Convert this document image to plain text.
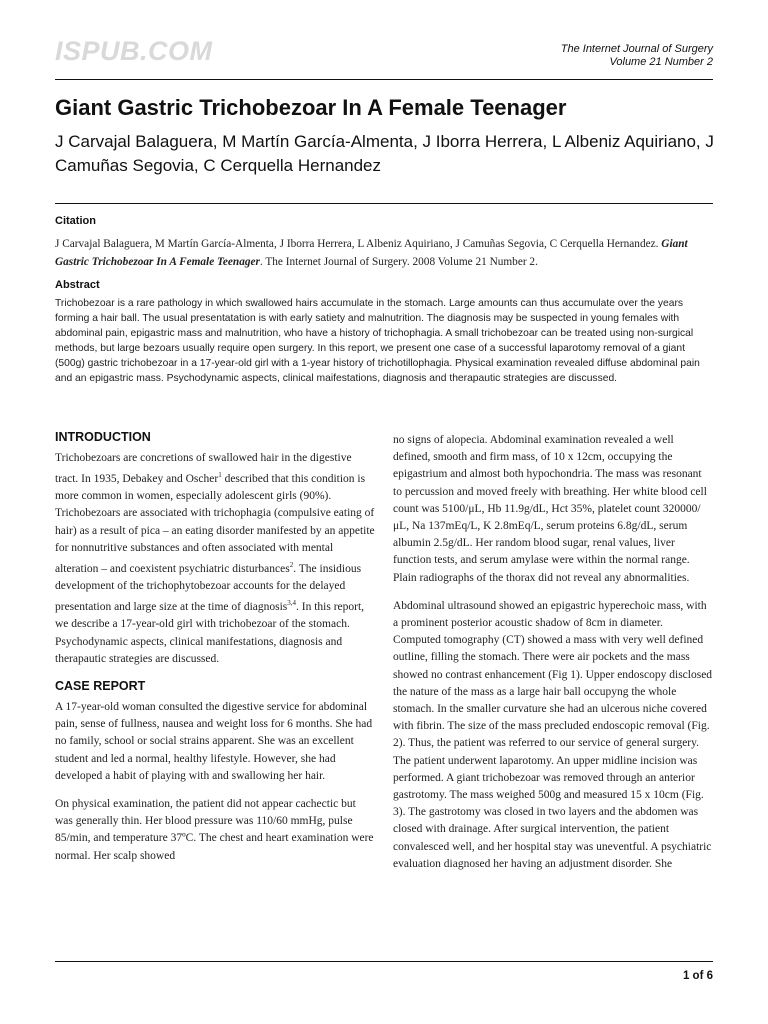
ISPUB.COM	The Internet Journal of Surgery
Volume 21 Number 2
Giant Gastric Trichobezoar In A Female Teenager

J Carvajal Balaguera, M Martín García-Almenta, J Iborra Herrera, L Albeniz Aquiriano, J Camuñas Segovia, C Cerquella Hernandez

Citation

J Carvajal Balaguera, M Martín García-Almenta, J Iborra Herrera, L Albeniz Aquiriano, J Camuñas Segovia, C Cerquella Hernandez. Giant Gastric Trichobezoar In A Female Teenager. The Internet Journal of Surgery. 2008 Volume 21 Number 2.

Abstract

Trichobezoar is a rare pathology in which swallowed hairs accumulate in the stomach. Large amounts can thus accumulate over the years forming a hair ball. The usual presentatation is with early satiety and malnutrition. The diagnosis may be suspected in young females with abdominal pain, epigastric mass and malnutrition, who have a history of trichophagia. A small trichobezoar can be treated using non-surgical methods, but large bezoars usually require open surgery. In this report, we present one case of a successful laparotomy removal of a giant (500g) gastric trichobezoar in a 17-year-old girl with a 1-year history of trichotillophagia. Physical examination revealed diffuse abdominal pain and an epigastric mass. Psychodynamic aspects, clinical maifestations, diagnosis and therapautic strategies are discussed.

INTRODUCTION

Trichobezoars are concretions of swallowed hair in the digestive tract. In 1935, Debakey and Oscher$^1$ described that this condition is more common in women, especially adolescent girls (90%). Trichobezoars are associated with trichophagia (compulsive eating of hair) as a result of pica – an eating disorder manifested by an appetite for nonnutritive substances and often associated with mental alteration – and coexistent psychiatric disturbances$^2$. The insidious development of the trichophytobezoar accounts for the delayed presentation and large size at the time of diagnosis$^{3,4}$. In this report, we describe a 17-year-old girl with trichobezoar of the stomach. Psychodynamic aspects, clinical manifestations, diagnosis and therapautic strategies are discussed.

CASE REPORT

A 17-year-old woman consulted the digestive service for abdominal pain, sense of fullness, nausea and weight loss for 6 months. She had no family, school or social strains apparent. She was an excellent student and led a normal, healthy lifestyle. However, she had developed a habit of playing with and swallowing her hair.

On physical examination, the patient did not appear cachectic but was generally thin. Her blood pressure was 110/60 mmHg, pulse 85/min, and temperature 37ºC. The chest and heart examination were normal. Her scalp showed

no signs of alopecia. Abdominal examination revealed a well defined, smooth and firm mass, of 10 x 12cm, occupying the epigastrium and almost both hypochondria. The mass was resonant to percussion and moved freely with breathing. Her white blood cell count was 5100/μL, Hb 11.9g/dL, Hct 35%, platelet count 320000/μL, Na 137mEq/L, K 2.8mEq/L, serum proteins 6.8g/dL, serum albumin 2.5g/dL. Her random blood sugar, renal values, liver function tests, and serum amylase were within the normal range. Plain radiographs of the thorax did not reveal any abnormalities.

Abdominal ultrasound showed an epigastric hyperechoic mass, with a prominent posterior acoustic shadow of 8cm in diameter. Computed tomography (CT) showed a mass with very well defined outline, filling the stomach. There were air pockets and the mass showed no contrast enhancement (Fig 1). Upper endoscopy disclosed the nature of the mass as a large hair ball occupyng the whole stomach. In the smaller curvature she had an ulcerous niche covered with fibrin. The size of the mass precluded endoscopic removal (Fig. 2). Thus, the patient was referred to our service of general surgery. The patient underwent laparotomy. An upper midline incision was performed. A giant trichobezoar was removed through an anterior gastrotomy. The mass weighed 500g and measured 15 x 10cm (Fig. 3). The gastrotomy was closed in two layers and the abdomen was closed with drainage. After surgical intervention, the patient convalesced well, and her hospital stay was uneventful. A psychiatric evaluation diagnosed her having an adjustment disorder. She

1 of 6
